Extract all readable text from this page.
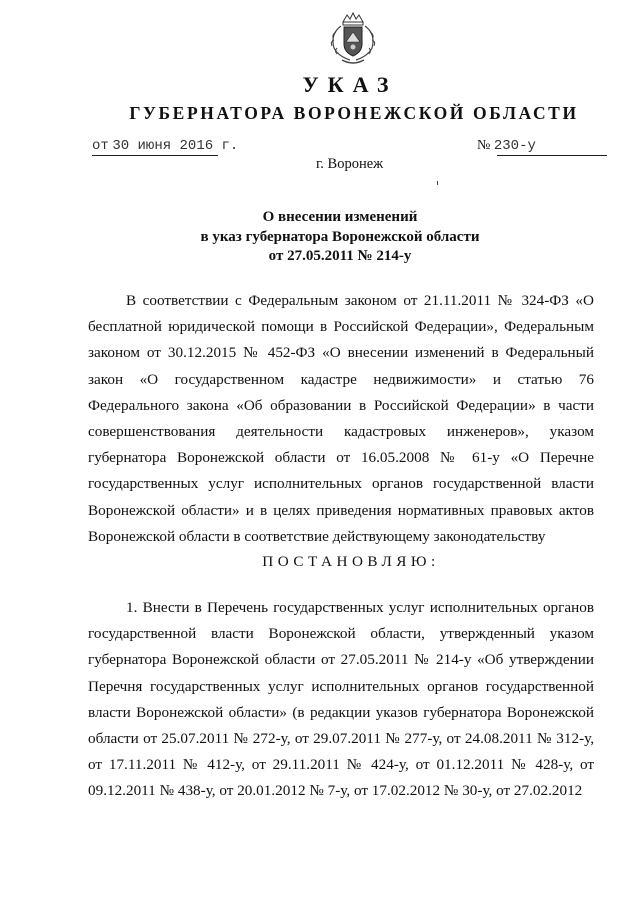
УКАЗ
ГУБЕРНАТОРА ВОРОНЕЖСКОЙ ОБЛАСТИ
от 30 июня 2016 г.	№ 230-у
г. Воронеж
О внесении изменений
в указ губернатора Воронежской области
от 27.05.2011 № 214-у
В соответствии с Федеральным законом от 21.11.2011 № 324-ФЗ «О бесплатной юридической помощи в Российской Федерации», Федеральным законом от 30.12.2015 № 452-ФЗ «О внесении изменений в Федеральный закон «О государственном кадастре недвижимости» и статью 76 Федерального закона «Об образовании в Российской Федерации» в части совершенствования деятельности кадастровых инженеров», указом губернатора Воронежской области от 16.05.2008 № 61-у «О Перечне государственных услуг исполнительных органов государственной власти Воронежской области» и в целях приведения нормативных правовых актов Воронежской области в соответствие действующему законодательству
ПОСТАНОВЛЯЮ:
1. Внести в Перечень государственных услуг исполнительных органов государственной власти Воронежской области, утвержденный указом губернатора Воронежской области от 27.05.2011 № 214-у «Об утверждении Перечня государственных услуг исполнительных органов государственной власти Воронежской области» (в редакции указов губернатора Воронежской области от 25.07.2011 № 272-у, от 29.07.2011 № 277-у, от 24.08.2011 № 312-у, от 17.11.2011 № 412-у, от 29.11.2011 № 424-у, от 01.12.2011 № 428-у, от 09.12.2011 № 438-у, от 20.01.2012 № 7-у, от 17.02.2012 № 30-у, от 27.02.2012
